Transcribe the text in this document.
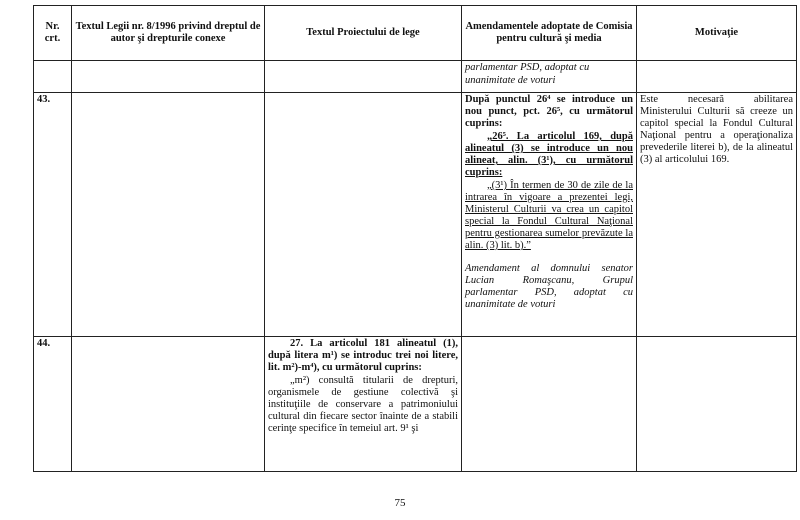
Nr. crt.	Textul Legii nr. 8/1996 privind dreptul de autor şi drepturile conexe	Textul Proiectului de lege	Amendamentele adoptate de Comisia pentru cultură şi media	Motivaţie

			parlamentar PSD, adoptat cu
unanimitate de voturi	

43.			După punctul 26⁴ se introduce un nou punct, pct. 26⁵, cu următorul cuprins:
„26⁵. La articolul 169, după alineatul (3) se introduce un nou alineat, alin. (3¹), cu următorul cuprins:
„(3¹) În termen de 30 de zile de la intrarea în vigoare a prezentei legi, Ministerul Culturii va crea un capitol special la Fondul Cultural Naţional pentru gestionarea sumelor prevăzute la alin. (3) lit. b).”
Amendament al domnului senator Lucian Romaşcanu, Grupul parlamentar PSD, adoptat cu unanimitate de voturi	Este necesară abilitarea Ministerului Culturii să creeze un capitol special la Fondul Cultural Naţional pentru a operaţionaliza prevederile literei b), de la alineatul (3) al articolului 169.
44.		27. La articolul 181 alineatul (1), după litera m¹) se introduc trei noi litere, lit. m²)-m⁴), cu următorul cuprins:
„m²) consultă titularii de drepturi, organismele de gestiune colectivă şi instituţiile de conservare a patrimoniului cultural din fiecare sector înainte de a stabili cerinţe specifice în temeiul art. 9¹ şi		

75
